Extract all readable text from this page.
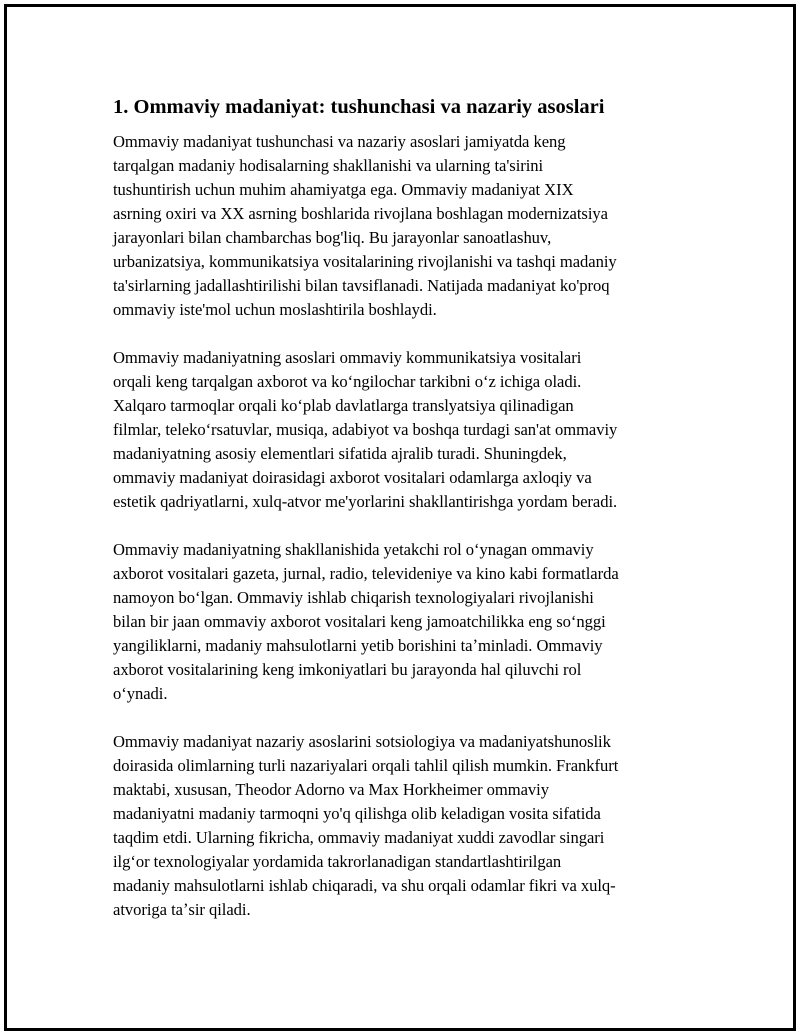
1. Ommaviy madaniyat: tushunchasi va nazariy asoslari
Ommaviy madaniyat tushunchasi va nazariy asoslari jamiyatda keng
tarqalgan madaniy hodisalarning shakllanishi va ularning ta'sirini
tushuntirish uchun muhim ahamiyatga ega. Ommaviy madaniyat XIX
asrning oxiri va XX asrning boshlarida rivojlana boshlagan modernizatsiya
jarayonlari bilan chambarchas bog'liq. Bu jarayonlar sanoatlashuv,
urbanizatsiya, kommunikatsiya vositalarining rivojlanishi va tashqi madaniy
ta'sirlarning jadallashtirilishi bilan tavsiflanadi. Natijada madaniyat ko'proq
ommaviy iste'mol uchun moslashtirila boshlaydi.
Ommaviy madaniyatning asoslari ommaviy kommunikatsiya vositalari
orqali keng tarqalgan axborot va koʻngilochar tarkibni oʻz ichiga oladi.
Xalqaro tarmoqlar orqali koʻplab davlatlarga translyatsiya qilinadigan
filmlar, telekoʻrsatuvlar, musiqa, adabiyot va boshqa turdagi san'at ommaviy
madaniyatning asosiy elementlari sifatida ajralib turadi. Shuningdek,
ommaviy madaniyat doirasidagi axborot vositalari odamlarga axloqiy va
estetik qadriyatlarni, xulq-atvor me'yorlarini shakllantirishga yordam beradi.
Ommaviy madaniyatning shakllanishida yetakchi rol oʻynagan ommaviy
axborot vositalari gazeta, jurnal, radio, televideniye va kino kabi formatlarda
namoyon boʻlgan. Ommaviy ishlab chiqarish texnologiyalari rivojlanishi
bilan bir jaan ommaviy axborot vositalari keng jamoatchilikka eng soʻnggi
yangiliklarni, madaniy mahsulotlarni yetib borishini taʼminladi. Ommaviy
axborot vositalarining keng imkoniyatlari bu jarayonda hal qiluvchi rol
oʻynadi.
Ommaviy madaniyat nazariy asoslarini sotsiologiya va madaniyatshunoslik
doirasida olimlarning turli nazariyalari orqali tahlil qilish mumkin. Frankfurt
maktabi, xususan, Theodor Adorno va Max Horkheimer ommaviy
madaniyatni madaniy tarmoqni yo'q qilishga olib keladigan vosita sifatida
taqdim etdi. Ularning fikricha, ommaviy madaniyat xuddi zavodlar singari
ilgʻor texnologiyalar yordamida takrorlanadigan standartlashtirilgan
madaniy mahsulotlarni ishlab chiqaradi, va shu orqali odamlar fikri va xulq-
atvoriga taʼsir qiladi.
